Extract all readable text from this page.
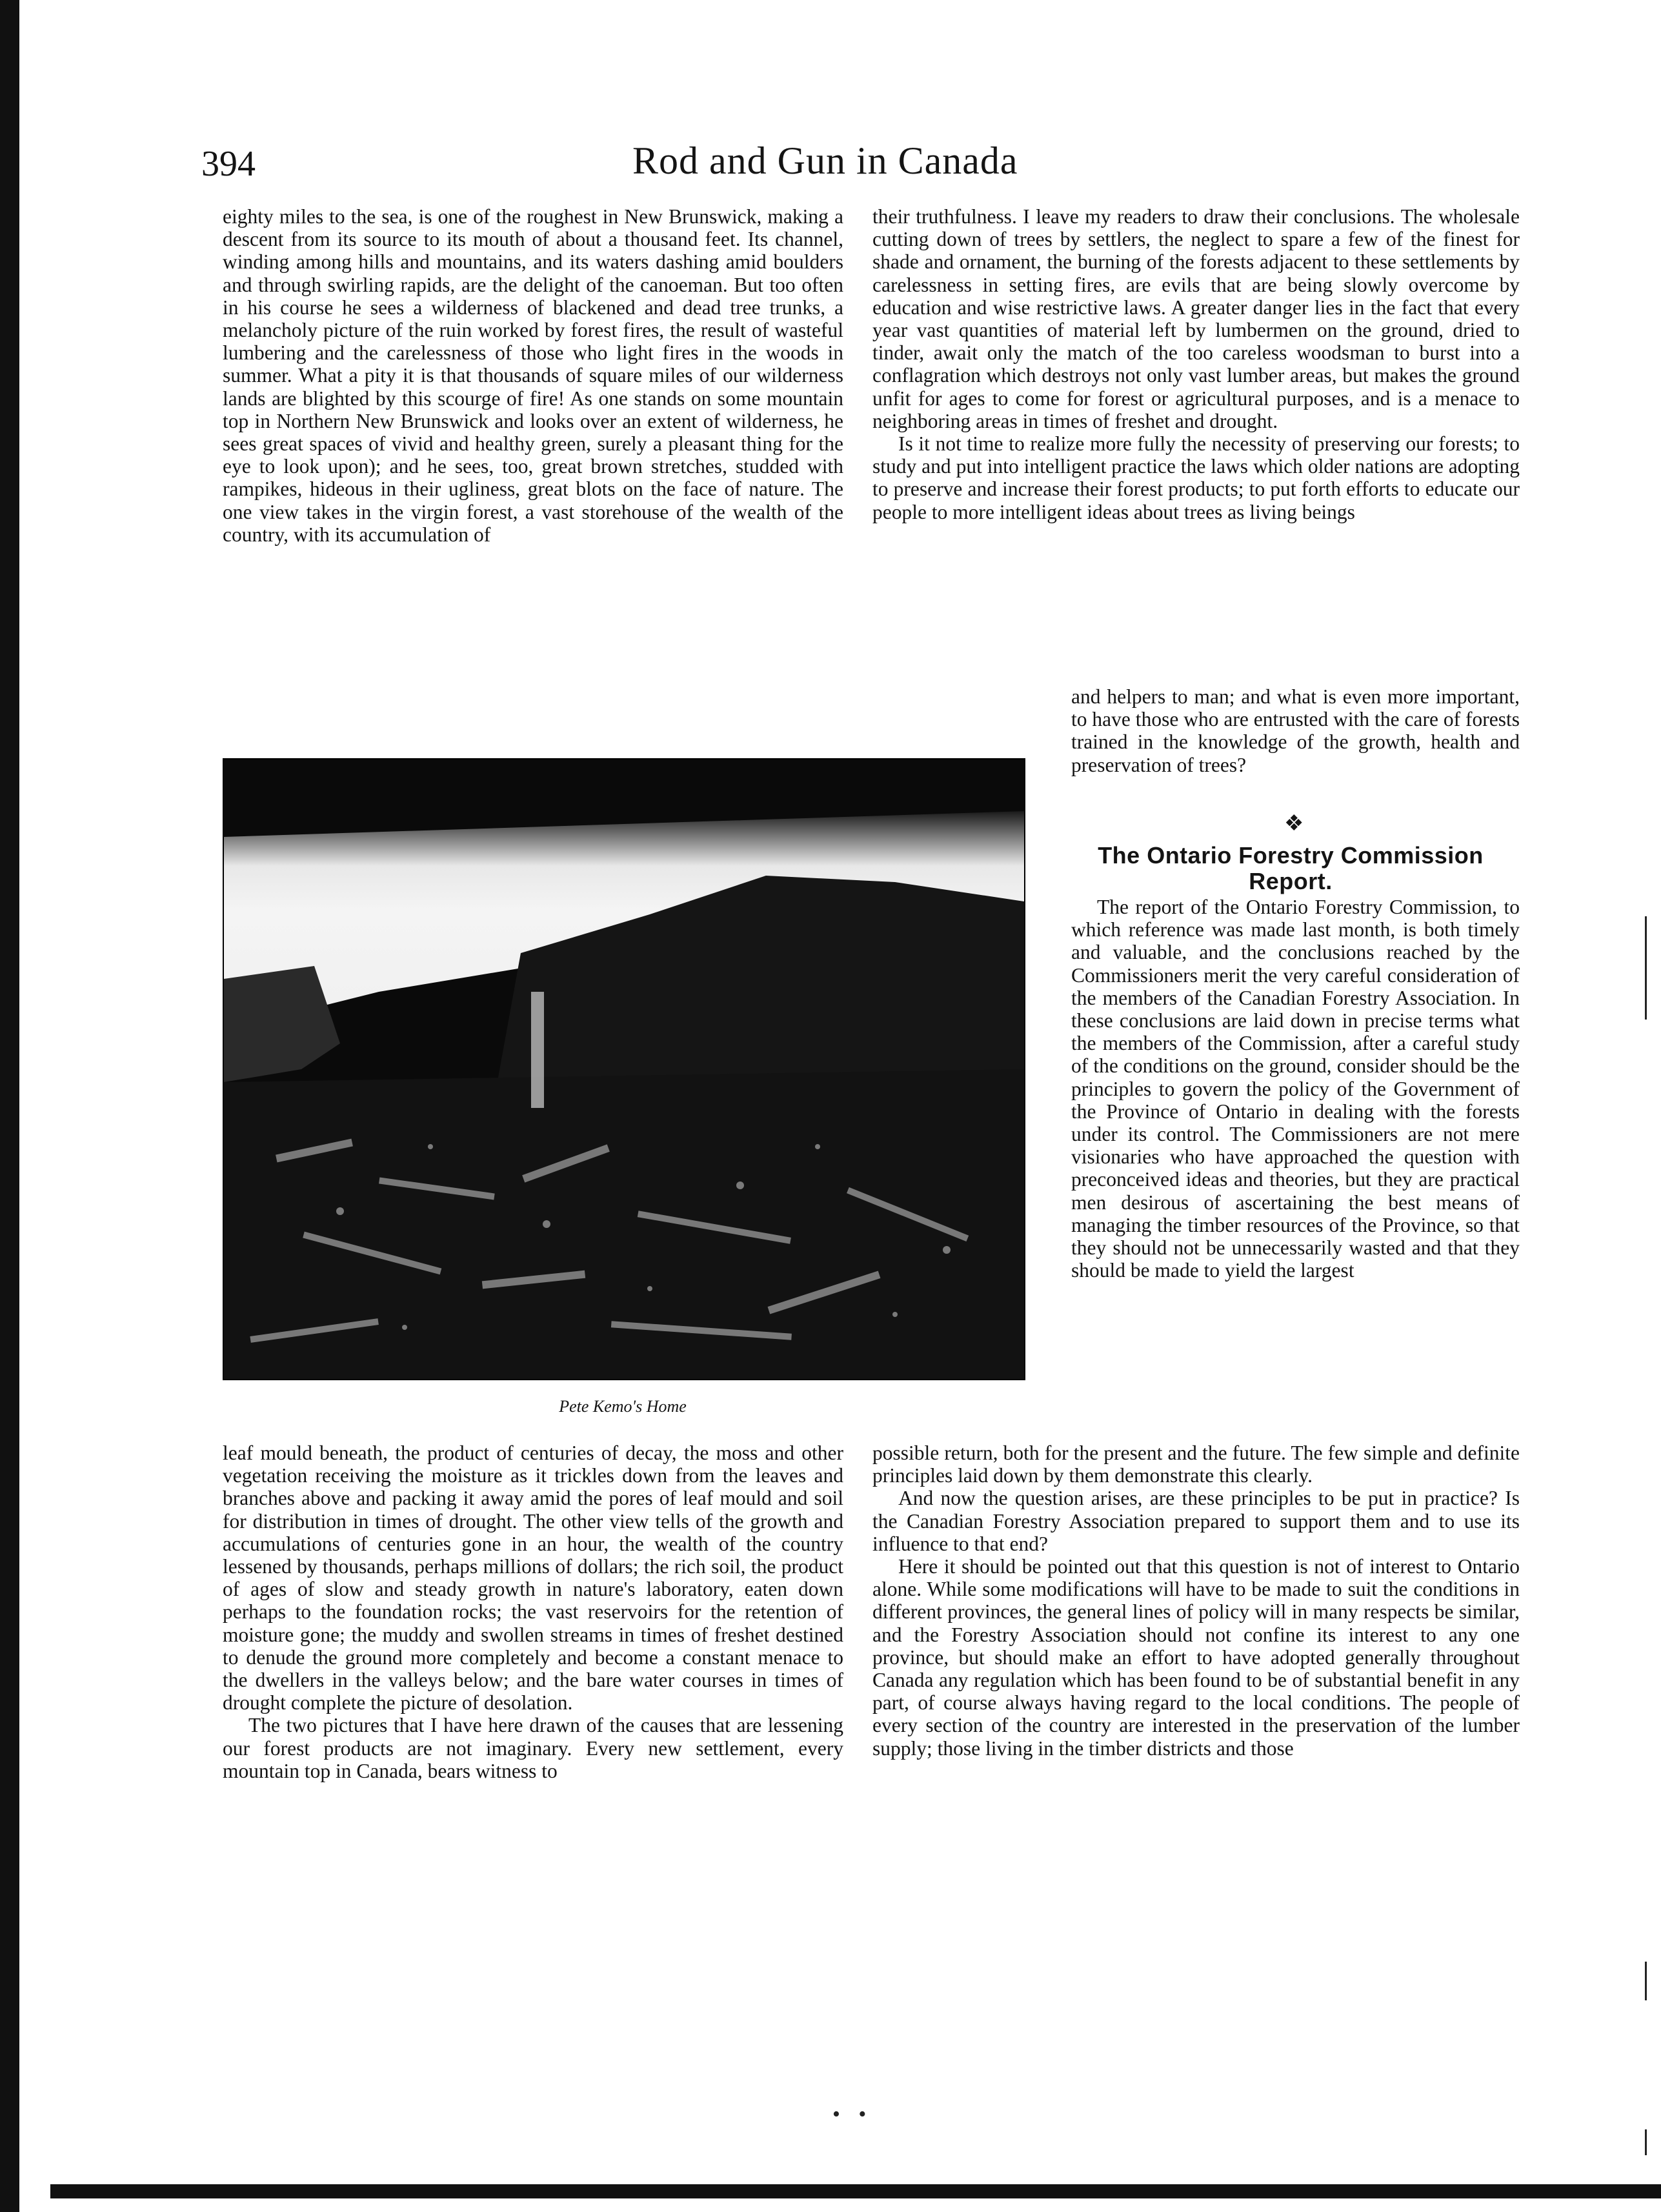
• •
394	Rod and Gun in Canada

eighty miles to the sea, is one of the roughest in New Brunswick, making a descent from its source to its mouth of about a thousand feet. Its channel, winding among hills and mountains, and its waters dashing amid boulders and through swirling rapids, are the delight of the canoeman. But too often in his course he sees a wilderness of blackened and dead tree trunks, a melancholy picture of the ruin worked by forest fires, the result of wasteful lumbering and the carelessness of those who light fires in the woods in summer. What a pity it is that thousands of square miles of our wilderness lands are blighted by this scourge of fire! As one stands on some mountain top in Northern New Brunswick and looks over an extent of wilderness, he sees great spaces of vivid and healthy green, surely a pleasant thing for the eye to look upon); and he sees, too, great brown stretches, studded with rampikes, hideous in their ugliness, great blots on the face of nature. The one view takes in the virgin forest, a vast storehouse of the wealth of the country, with its accumulation of

their truthfulness. I leave my readers to draw their conclusions. The wholesale cutting down of trees by settlers, the neglect to spare a few of the finest for shade and ornament, the burning of the forests adjacent to these settlements by carelessness in setting fires, are evils that are being slowly overcome by education and wise restrictive laws. A greater danger lies in the fact that every year vast quantities of material left by lumbermen on the ground, dried to tinder, await only the match of the too careless woodsman to burst into a conflagration which destroys not only vast lumber areas, but makes the ground unfit for ages to come for forest or agricultural purposes, and is a menace to neighboring areas in times of freshet and drought.

Is it not time to realize more fully the necessity of preserving our forests; to study and put into intelligent practice the laws which older nations are adopting to preserve and increase their forest products; to put forth efforts to educate our people to more intelligent ideas about trees as living beings

and helpers to man; and what is even more important, to have those who are entrusted with the care of forests trained in the knowledge of the growth, health and preservation of trees?

Pete Kemo's Home
❖
The Ontario Forestry Commission Report.

The report of the Ontario Forestry Commission, to which reference was made last month, is both timely and valuable, and the conclusions reached by the Commissioners merit the very careful consideration of the members of the Canadian Forestry Association. In these conclusions are laid down in precise terms what the members of the Commission, after a careful study of the conditions on the ground, consider should be the principles to govern the policy of the Government of the Province of Ontario in dealing with the forests under its control. The Commissioners are not mere visionaries who have approached the question with preconceived ideas and theories, but they are practical men desirous of ascertaining the best means of managing the timber resources of the Province, so that they should not be unnecessarily wasted and that they should be made to yield the largest

leaf mould beneath, the product of centuries of decay, the moss and other vegetation receiving the moisture as it trickles down from the leaves and branches above and packing it away amid the pores of leaf mould and soil for distribution in times of drought. The other view tells of the growth and accumulations of centuries gone in an hour, the wealth of the country lessened by thousands, perhaps millions of dollars; the rich soil, the product of ages of slow and steady growth in nature's laboratory, eaten down perhaps to the foundation rocks; the vast reservoirs for the retention of moisture gone; the muddy and swollen streams in times of freshet destined to denude the ground more completely and become a constant menace to the dwellers in the valleys below; and the bare water courses in times of drought complete the picture of desolation.

The two pictures that I have here drawn of the causes that are lessening our forest products are not imaginary. Every new settlement, every mountain top in Canada, bears witness to

possible return, both for the present and the future. The few simple and definite principles laid down by them demonstrate this clearly.

And now the question arises, are these principles to be put in practice? Is the Canadian Forestry Association prepared to support them and to use its influence to that end?

Here it should be pointed out that this question is not of interest to Ontario alone. While some modifications will have to be made to suit the conditions in different provinces, the general lines of policy will in many respects be similar, and the Forestry Association should not confine its interest to any one province, but should make an effort to have adopted generally throughout Canada any regulation which has been found to be of substantial benefit in any part, of course always having regard to the local conditions. The people of every section of the country are interested in the preservation of the lumber supply; those living in the timber districts and those
